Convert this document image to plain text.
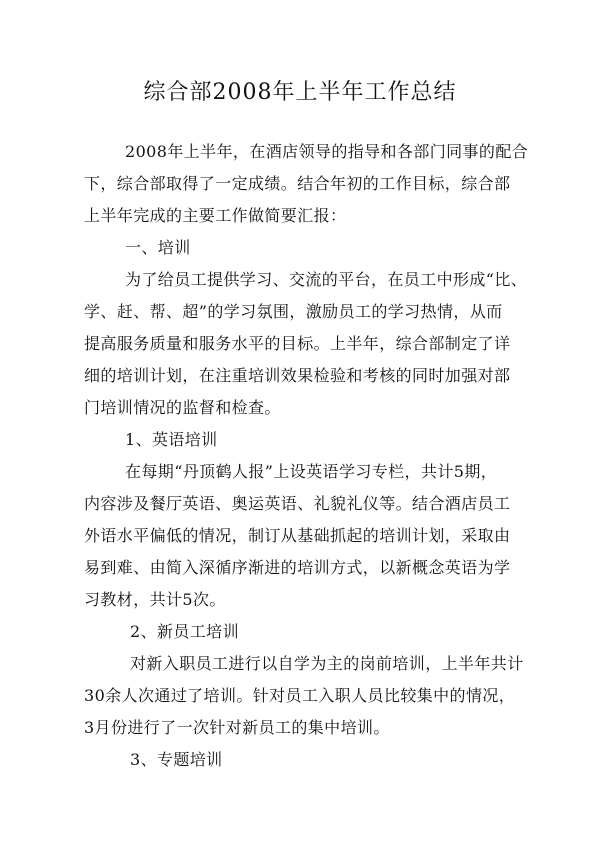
综合部2008年上半年工作总结
2008年上半年，在酒店领导的指导和各部门同事的配合
下，综合部取得了一定成绩。结合年初的工作目标，综合部
上半年完成的主要工作做简要汇报：
一、培训
为了给员工提供学习、交流的平台，在员工中形成“比、
学、赶、帮、超”的学习氛围，激励员工的学习热情，从而
提高服务质量和服务水平的目标。上半年，综合部制定了详
细的培训计划，在注重培训效果检验和考核的同时加强对部
门培训情况的监督和检查。
1、英语培训
在每期“丹顶鹤人报”上设英语学习专栏，共计5期，
内容涉及餐厅英语、奥运英语、礼貌礼仪等。结合酒店员工
外语水平偏低的情况，制订从基础抓起的培训计划，采取由
易到难、由简入深循序渐进的培训方式，以新概念英语为学
习教材，共计5次。
2、新员工培训
对新入职员工进行以自学为主的岗前培训，上半年共计
30余人次通过了培训。针对员工入职人员比较集中的情况，
3月份进行了一次针对新员工的集中培训。
3、专题培训
